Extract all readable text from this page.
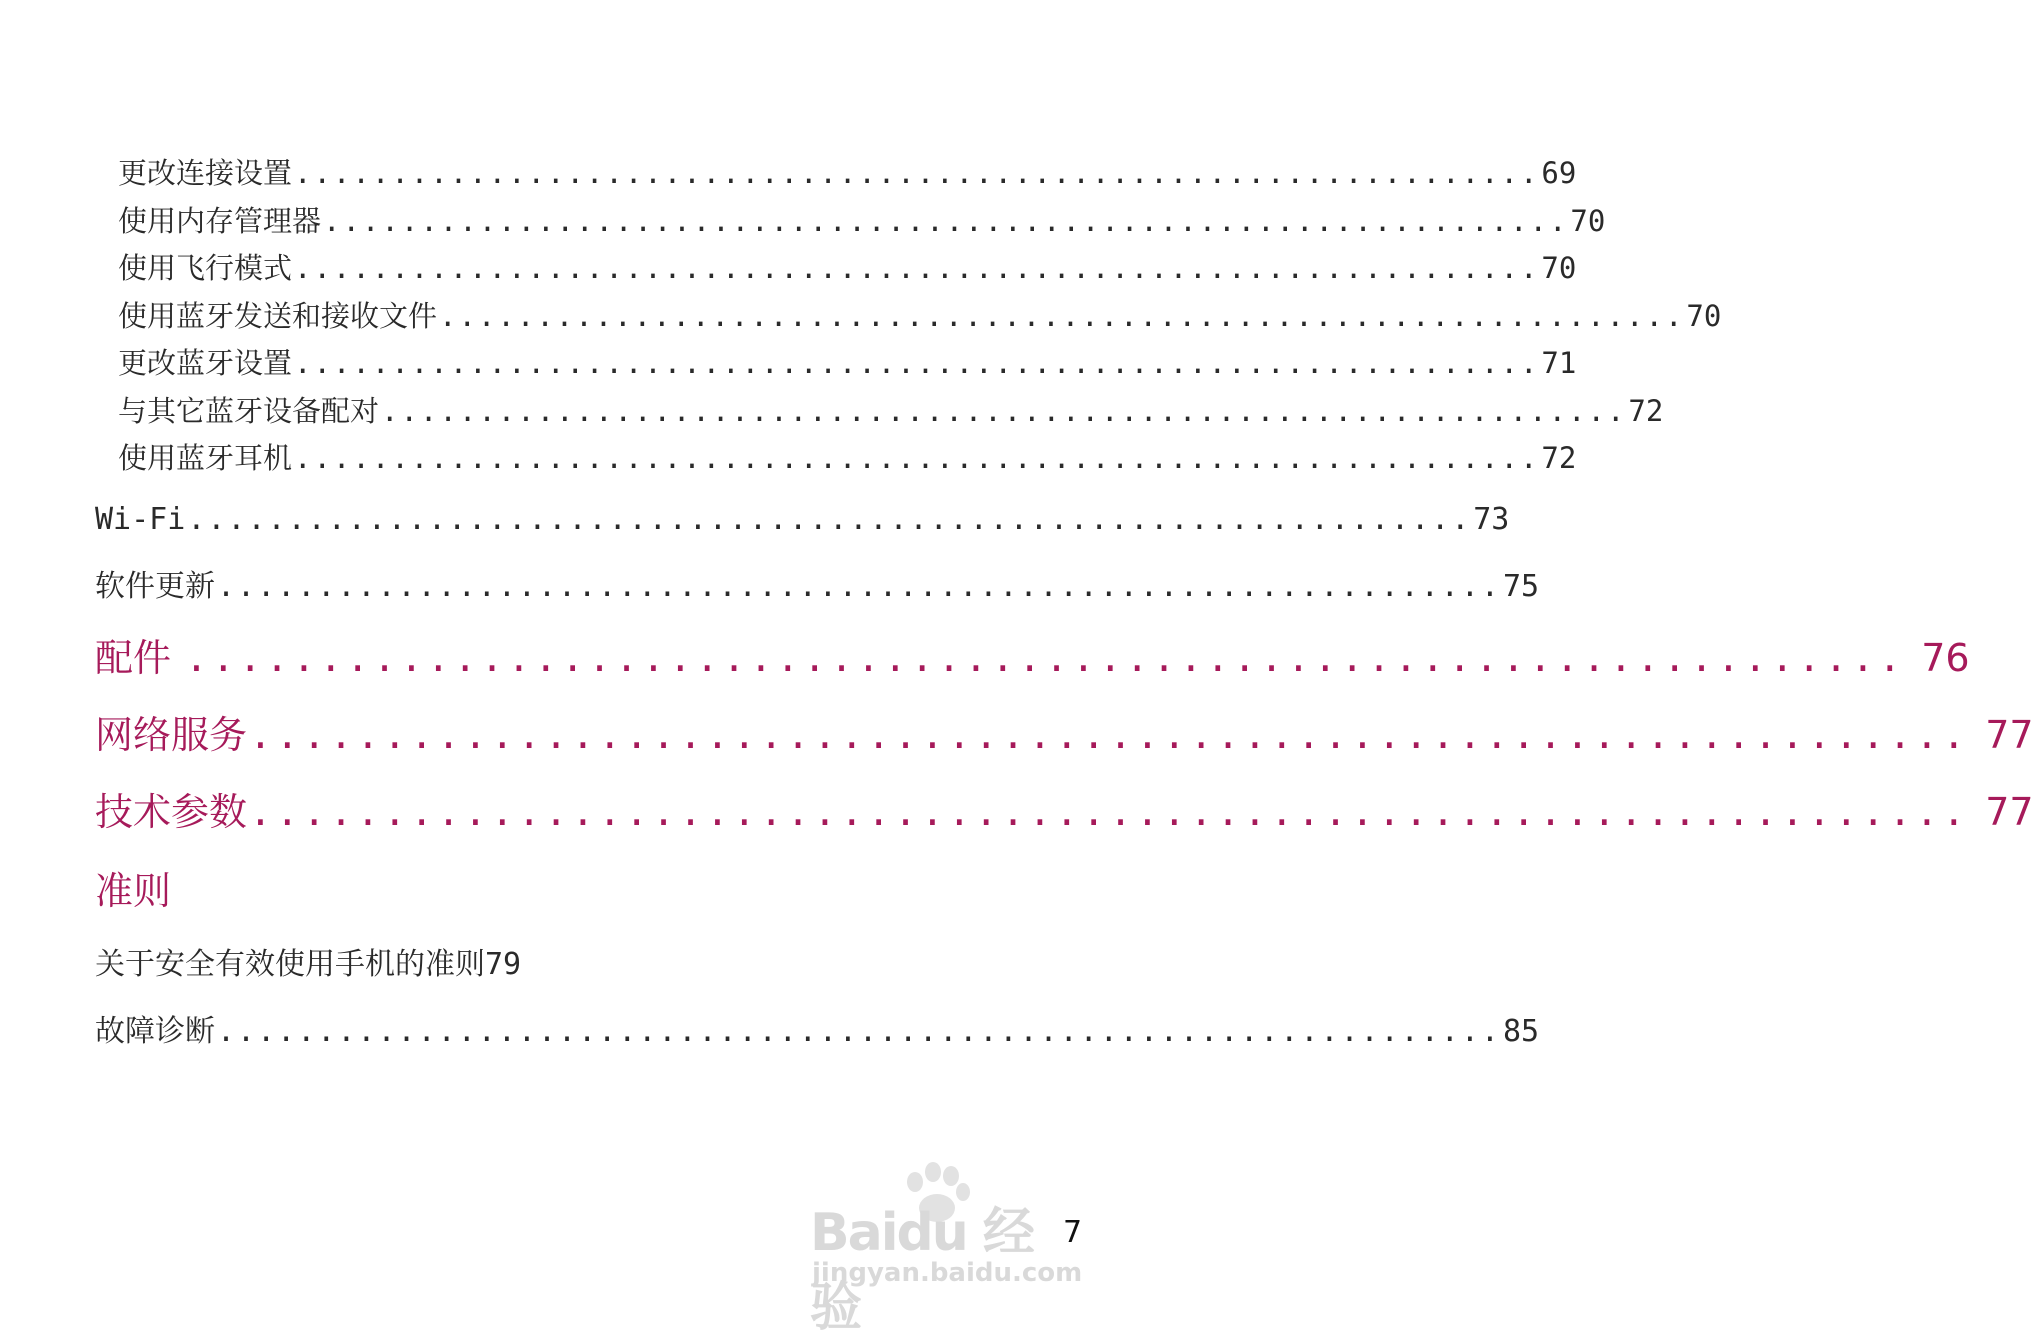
更改连接设置 ................................................................ 69
使用内存管理器 ................................................................ 70
使用飞行模式 ................................................................ 70
使用蓝牙发送和接收文件 ................................................................ 70
更改蓝牙设置 ................................................................ 71
与其它蓝牙设备配对 ................................................................ 72
使用蓝牙耳机 ................................................................ 72
Wi-Fi ................................................................ 73
软件更新 ................................................................ 75
配件 ................................................................ 76
网络服务 ................................................................ 77
技术参数 ................................................................ 77
准则
关于安全有效使用手机的准则 79
故障诊断 ................................................................ 85
Baidu 经验
jingyan.baidu.com
7
